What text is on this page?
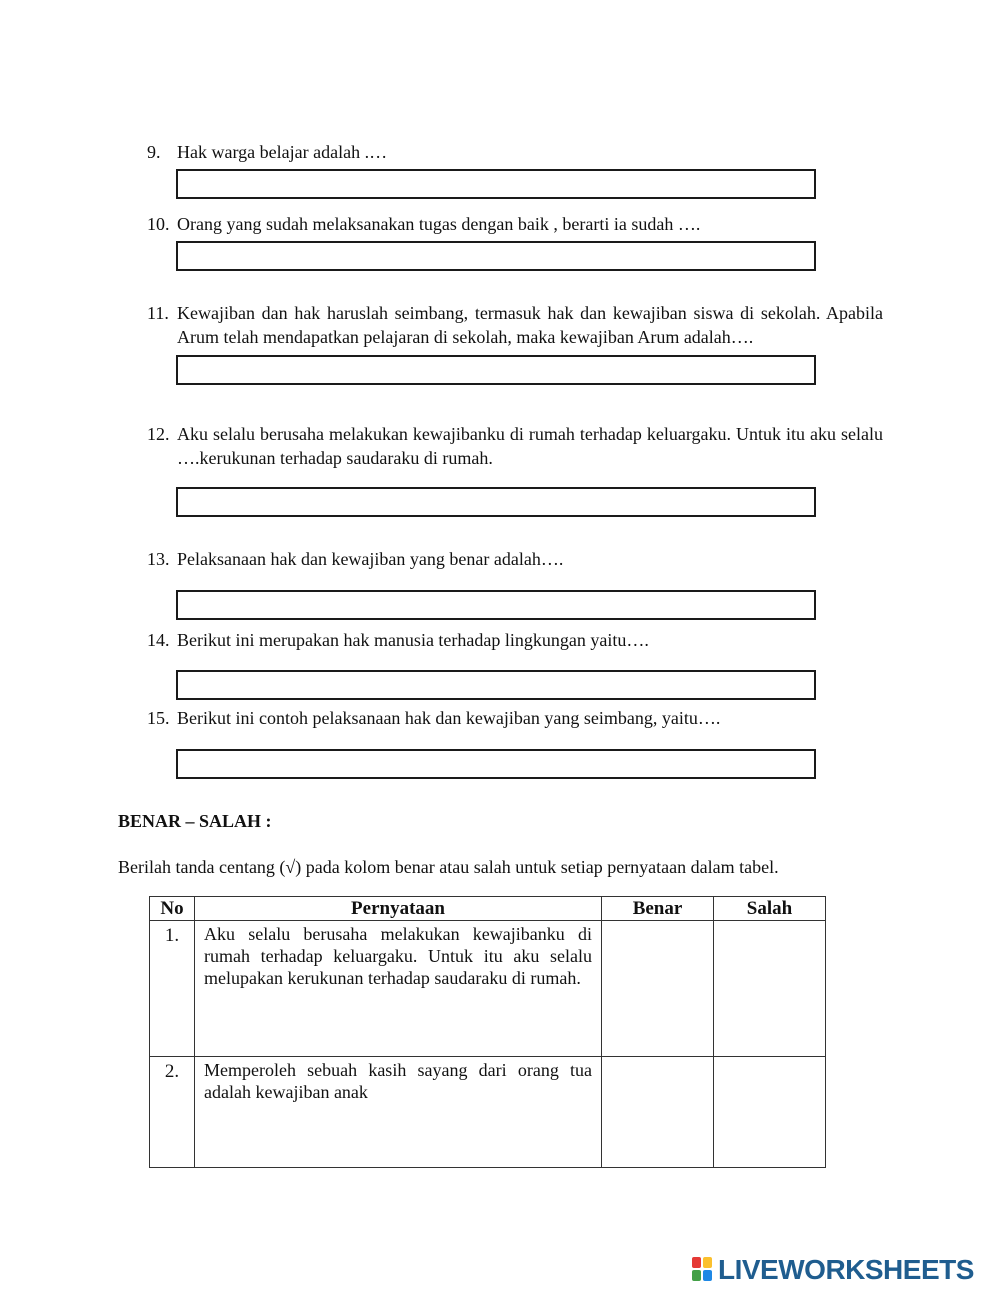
9. Hak warga belajar adalah .…
10. Orang yang sudah melaksanakan tugas dengan baik , berarti ia sudah ….
11. Kewajiban dan hak haruslah seimbang, termasuk hak dan kewajiban siswa di sekolah. Apabila Arum telah mendapatkan pelajaran di sekolah, maka kewajiban Arum adalah….
12. Aku selalu berusaha melakukan kewajibanku di rumah terhadap keluargaku. Untuk itu aku selalu ….kerukunan terhadap saudaraku di rumah.
13. Pelaksanaan hak dan kewajiban yang benar adalah….
14. Berikut ini merupakan hak manusia terhadap lingkungan yaitu….
15. Berikut ini contoh pelaksanaan hak dan kewajiban yang seimbang, yaitu….
BENAR – SALAH :
Berilah tanda centang (√) pada kolom benar atau salah untuk setiap pernyataan dalam tabel.
No	Pernyataan	Benar	Salah
1.	Aku selalu berusaha melakukan kewajibanku di rumah terhadap keluargaku. Untuk itu aku selalu melupakan kerukunan terhadap saudaraku di rumah.		
2.	Memperoleh sebuah kasih sayang dari orang tua adalah kewajiban anak		
LIVEWORKSHEETS
